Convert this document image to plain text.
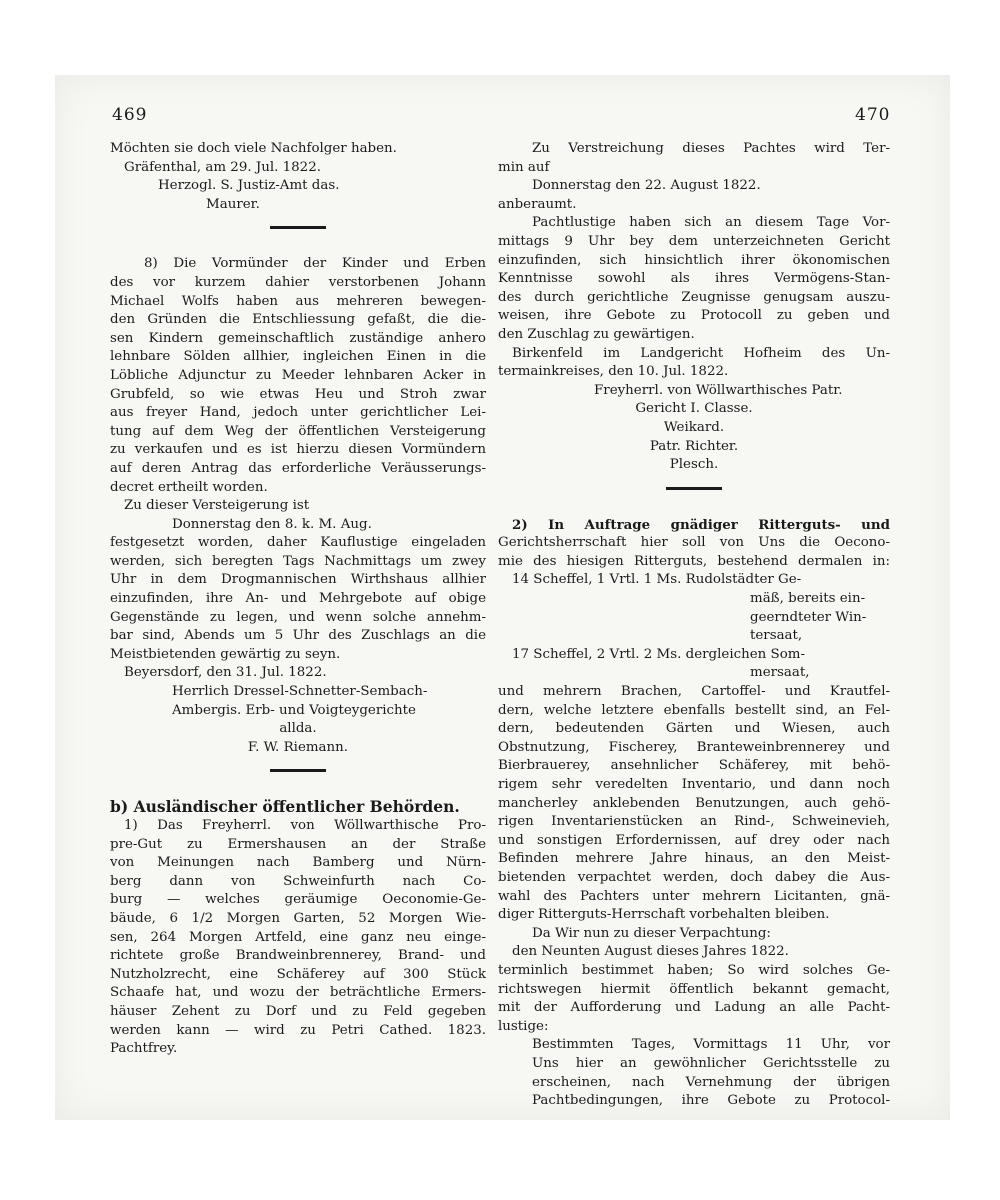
469	470

Möchten sie doch viele Nachfolger haben.

Gräfenthal, am 29. Jul. 1822.

Herzogl. S. Justiz-Amt das.

Maurer.

8) Die Vormünder der Kinder und Erben

des vor kurzem dahier verstorbenen Johann

Michael Wolfs haben aus mehreren bewegen-

den Gründen die Entschliessung gefaßt, die die-

sen Kindern gemeinschaftlich zuständige anhero

lehnbare Sölden allhier, ingleichen Einen in die

Löbliche Adjunctur zu Meeder lehnbaren Acker in

Grubfeld, so wie etwas Heu und Stroh zwar

aus freyer Hand, jedoch unter gerichtlicher Lei-

tung auf dem Weg der öffentlichen Versteigerung

zu verkaufen und es ist hierzu diesen Vormündern

auf deren Antrag das erforderliche Veräusserungs-

decret ertheilt worden.

Zu dieser Versteigerung ist

Donnerstag den 8. k. M. Aug.

festgesetzt worden, daher Kauflustige eingeladen

werden, sich beregten Tags Nachmittags um zwey

Uhr in dem Drogmannischen Wirthshaus allhier

einzufinden, ihre An- und Mehrgebote auf obige

Gegenstände zu legen, und wenn solche annehm-

bar sind, Abends um 5 Uhr des Zuschlags an die

Meistbietenden gewärtig zu seyn.

Beyersdorf, den 31. Jul. 1822.

Herrlich Dressel-Schnetter-Sembach-

Ambergis. Erb- und Voigteygerichte

allda.

F. W. Riemann.

b) Ausländischer öffentlicher Behörden.

1) Das Freyherrl. von Wöllwarthische Pro-

pre-Gut zu Ermershausen an der Straße

von Meinungen nach Bamberg und Nürn-

berg dann von Schweinfurth nach Co-

burg — welches geräumige Oeconomie-Ge-

bäude, 6 1/2 Morgen Garten, 52 Morgen Wie-

sen, 264 Morgen Artfeld, eine ganz neu einge-

richtete große Brandweinbrennerey, Brand- und

Nutzholzrecht, eine Schäferey auf 300 Stück

Schaafe hat, und wozu der beträchtliche Ermers-

häuser Zehent zu Dorf und zu Feld gegeben

werden kann — wird zu Petri Cathed. 1823.

Pachtfrey.

Zu Verstreichung dieses Pachtes wird Ter-

min auf

Donnerstag den 22. August 1822.

anberaumt.

Pachtlustige haben sich an diesem Tage Vor-

mittags 9 Uhr bey dem unterzeichneten Gericht

einzufinden, sich hinsichtlich ihrer ökonomischen

Kenntnisse sowohl als ihres Vermögens-Stan-

des durch gerichtliche Zeugnisse genugsam auszu-

weisen, ihre Gebote zu Protocoll zu geben und

den Zuschlag zu gewärtigen.

Birkenfeld im Landgericht Hofheim des Un-

termainkreises, den 10. Jul. 1822.

Freyherrl. von Wöllwarthisches Patr.

Gericht I. Classe.

Weikard.

Patr. Richter.

Plesch.

2) In Auftrage gnädiger Ritterguts- und

Gerichtsherrschaft hier soll von Uns die Oecono-

mie des hiesigen Ritterguts, bestehend dermalen in:

14 Scheffel, 1 Vrtl. 1 Ms. Rudolstädter Ge-

mäß, bereits ein-

geerndteter Win-

tersaat,

17 Scheffel, 2 Vrtl. 2 Ms. dergleichen Som-

mersaat,

und mehrern Brachen, Cartoffel- und Krautfel-

dern, welche letztere ebenfalls bestellt sind, an Fel-

dern, bedeutenden Gärten und Wiesen, auch

Obstnutzung, Fischerey, Branteweinbrennerey und

Bierbrauerey, ansehnlicher Schäferey, mit behö-

rigem sehr veredelten Inventario, und dann noch

mancherley anklebenden Benutzungen, auch gehö-

rigen Inventarienstücken an Rind-, Schweinevieh,

und sonstigen Erfordernissen, auf drey oder nach

Befinden mehrere Jahre hinaus, an den Meist-

bietenden verpachtet werden, doch dabey die Aus-

wahl des Pachters unter mehrern Licitanten, gnä-

diger Ritterguts-Herrschaft vorbehalten bleiben.

Da Wir nun zu dieser Verpachtung:

den Neunten August dieses Jahres 1822.

terminlich bestimmet haben; So wird solches Ge-

richtswegen hiermit öffentlich bekannt gemacht,

mit der Aufforderung und Ladung an alle Pacht-

lustige:

Bestimmten Tages, Vormittags 11 Uhr, vor

Uns hier an gewöhnlicher Gerichtsstelle zu

erscheinen, nach Vernehmung der übrigen

Pachtbedingungen, ihre Gebote zu Protocol-
